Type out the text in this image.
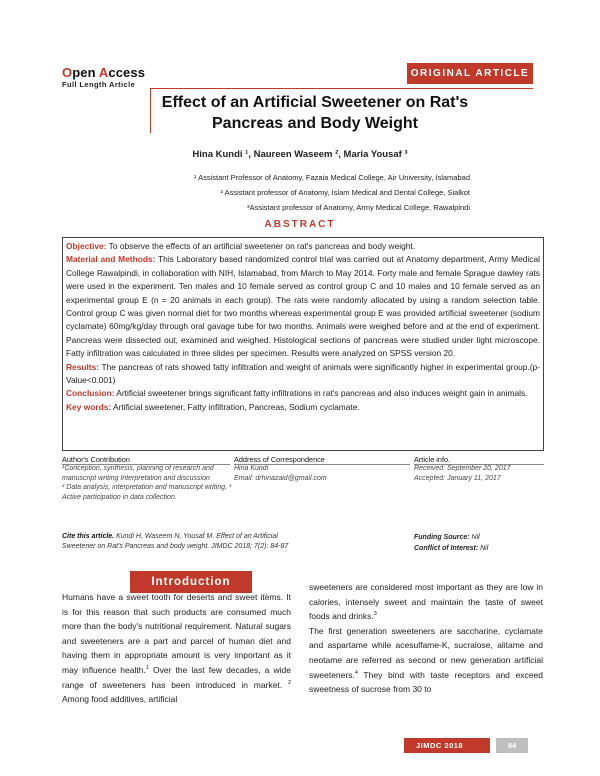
Open Access
Full Length Article
ORIGINAL ARTICLE
Effect of an Artificial Sweetener on Rat's
Pancreas and Body Weight
Hina Kundi ¹, Naureen Waseem ², Maria Yousaf ³
¹ Assistant Professor of Anatomy, Fazaia Medical College, Air University, Islamabad
² Assistant professor of Anatomy, Islam Medical and Dental College, Sialkot
³Assistant professor of Anatomy, Army Medical College, Rawalpindi
ABSTRACT

Objective: To observe the effects of an artificial sweetener on rat's pancreas and body weight.

Material and Methods: This Laboratory based randomized control trial was carried out at Anatomy department, Army Medical College Rawalpindi, in collaboration with NIH, Islamabad, from March to May 2014. Forty male and female Sprague dawley rats were used in the experiment. Ten males and 10 female served as control group C and 10 males and 10 female served as an experimental group E (n = 20 animals in each group). The rats were randomly allocated by using a random selection table. Control group C was given normal diet for two months whereas experimental group E was provided artificial sweetener (sodium cyclamate) 60mg/kg/day through oral gavage tube for two months. Animals were weighed before and at the end of experiment. Pancreas were dissected out, examined and weighed. Histological sections of pancreas were studied under light microscope. Fatty infiltration was calculated in three slides per specimen. Results were analyzed on SPSS version 20.

Results: The pancreas of rats showed fatty infiltration and weight of animals were significantly higher in experimental group.(p-Value<0.001)

Conclusion: Artificial sweetener brings significant fatty infiltrations in rat's pancreas and also induces weight gain in animals.

Key words: Artificial sweetener, Fatty infiltration, Pancreas, Sodium cyclamate.

Author's Contribution
¹Conception, synthesis, planning of research and manuscript writing Interpretation and discussion
² Data analysis, interpretation and manuscript writing, ³ Active participation in data collection.
Address of Correspondence
Hina Kundi
Email: drhinazaid@gmail.com
Article info.
Received: September 20, 2017
Accepted: January 11, 2017
Cite this article. Kundi H, Waseem N, Yousaf M. Effect of an Artificial Sweetener on Rat's Pancreas and body weight. JIMDC 2018; 7(2): 84-87
Funding Source: Nil
Conflict of Interest: Nil
Introduction

Humans have a sweet tooth for deserts and sweet items. It is for this reason that such products are consumed much more than the body's nutritional requirement. Natural sugars and sweeteners are a part and parcel of human diet and having them in appropriate amount is very important as it may influence health.$^1$ Over the last few decades, a wide range of sweeteners has been introduced in market. $^2$ Among food additives, artificial

sweeteners are considered most important as they are low in calories, intensely sweet and maintain the taste of sweet foods and drinks.$^3$

The first generation sweeteners are saccharine, cyclamate and aspartame while acesulfame-K, sucralose, alitame and neotame are referred as second or new generation artificial sweeteners.$^4$ They bind with taste receptors and exceed sweetness of sucrose from 30 to

JIMDC 2018	84
